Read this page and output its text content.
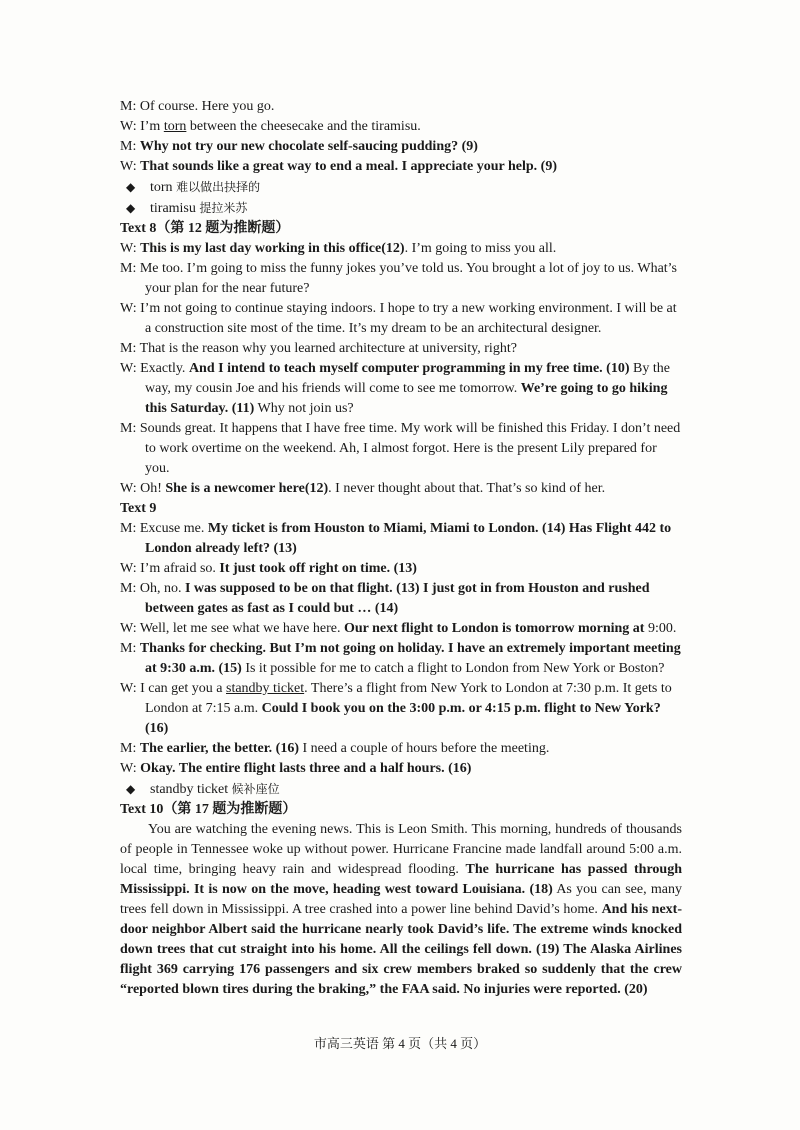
M: Of course. Here you go.

W: I’m torn between the cheesecake and the tiramisu.

M: Why not try our new chocolate self-saucing pudding? (9)

W: That sounds like a great way to end a meal. I appreciate your help. (9)

◆ torn 难以做出抉择的

◆ tiramisu 提拉米苏

Text 8（第 12 题为推断题）

W: This is my last day working in this office(12). I’m going to miss you all.

M: Me too. I’m going to miss the funny jokes you’ve told us. You brought a lot of joy to us. What’s your plan for the near future?

W: I’m not going to continue staying indoors. I hope to try a new working environment. I will be at a construction site most of the time. It’s my dream to be an architectural designer.

M: That is the reason why you learned architecture at university, right?

W: Exactly. And I intend to teach myself computer programming in my free time. (10) By the way, my cousin Joe and his friends will come to see me tomorrow. We’re going to go hiking this Saturday. (11) Why not join us?

M: Sounds great. It happens that I have free time. My work will be finished this Friday. I don’t need to work overtime on the weekend. Ah, I almost forgot. Here is the present Lily prepared for you.

W: Oh! She is a newcomer here(12). I never thought about that. That’s so kind of her.

Text 9

M: Excuse me. My ticket is from Houston to Miami, Miami to London. (14) Has Flight 442 to London already left? (13)

W: I’m afraid so. It just took off right on time. (13)

M: Oh, no. I was supposed to be on that flight. (13) I just got in from Houston and rushed between gates as fast as I could but … (14)

W: Well, let me see what we have here. Our next flight to London is tomorrow morning at 9:00.

M: Thanks for checking. But I’m not going on holiday. I have an extremely important meeting at 9:30 a.m. (15) Is it possible for me to catch a flight to London from New York or Boston?

W: I can get you a standby ticket. There’s a flight from New York to London at 7:30 p.m. It gets to London at 7:15 a.m. Could I book you on the 3:00 p.m. or 4:15 p.m. flight to New York? (16)

M: The earlier, the better. (16) I need a couple of hours before the meeting.

W: Okay. The entire flight lasts three and a half hours. (16)

◆ standby ticket 候补座位

Text 10（第 17 题为推断题）

You are watching the evening news. This is Leon Smith. This morning, hundreds of thousands of people in Tennessee woke up without power. Hurricane Francine made landfall around 5:00 a.m. local time, bringing heavy rain and widespread flooding. The hurricane has passed through Mississippi. It is now on the move, heading west toward Louisiana. (18) As you can see, many trees fell down in Mississippi. A tree crashed into a power line behind David’s home. And his next-door neighbor Albert said the hurricane nearly took David’s life. The extreme winds knocked down trees that cut straight into his home. All the ceilings fell down. (19) The Alaska Airlines flight 369 carrying 176 passengers and six crew members braked so suddenly that the crew “reported blown tires during the braking,” the FAA said. No injuries were reported. (20)

市高三英语 第 4 页（共 4 页）
